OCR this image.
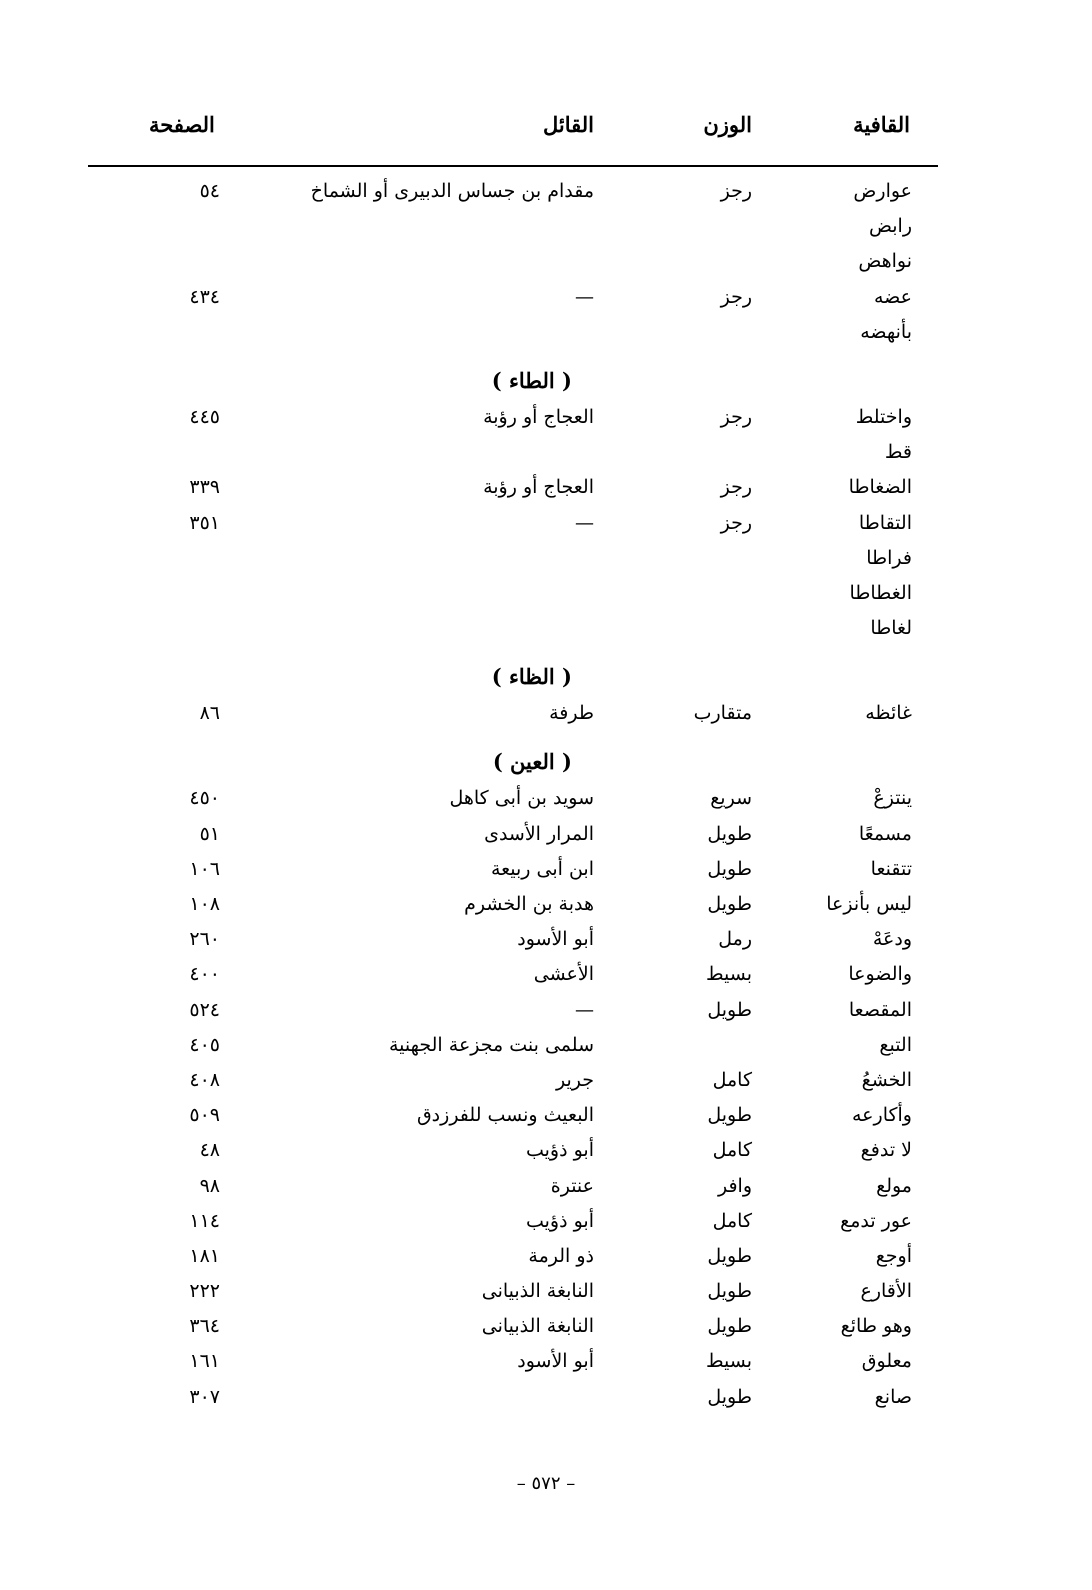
القافية
الوزن
القائل
الصفحة
عوارض
رجز
مقدام بن جساس الدبيرى أو الشماخ
٥٤
رابض
نواهض
عضه
رجز
—
٤٣٤
بأنهضه
( الطاء )
واختلط
رجز
العجاج أو رؤبة
٤٤٥
قط
الضغاطا
رجز
العجاج أو رؤبة
٣٣٩
التقاطا
رجز
—
٣٥١
فراطا
الغطاطا
لغاطا
( الظاء )
غائظه
متقارب
طرفة
٨٦
( العين )
ينتزعْ
سريع
سويد بن أبى كاهل
٤٥٠
مسمعًا
طويل
المرار الأسدى
٥١
تتقنعا
طويل
ابن أبى ربيعة
١٠٦
ليس بأنزعا
طويل
هدبة بن الخشرم
١٠٨
ودعَهْ
رمل
أبو الأسود
٢٦٠
والضوعا
بسيط
الأعشى
٤٠٠
المقصعا
طويل
—
٥٢٤
التبع
سلمى بنت مجزعة الجهنية
٤٠٥
الخشعُ
كامل
جرير
٤٠٨
وأكارعه
طويل
البعيث ونسب للفرزدق
٥٠٩
لا تدفع
كامل
أبو ذؤيب
٤٨
مولع
وافر
عنترة
٩٨
عور تدمع
كامل
أبو ذؤيب
١١٤
أوجع
طويل
ذو الرمة
١٨١
الأقارع
طويل
النابغة الذبيانى
٢٢٢
وهو طائع
طويل
النابغة الذبيانى
٣٦٤
معلوق
بسيط
أبو الأسود
١٦١
صانع
طويل
٣٠٧
– ٥٧٢ –
